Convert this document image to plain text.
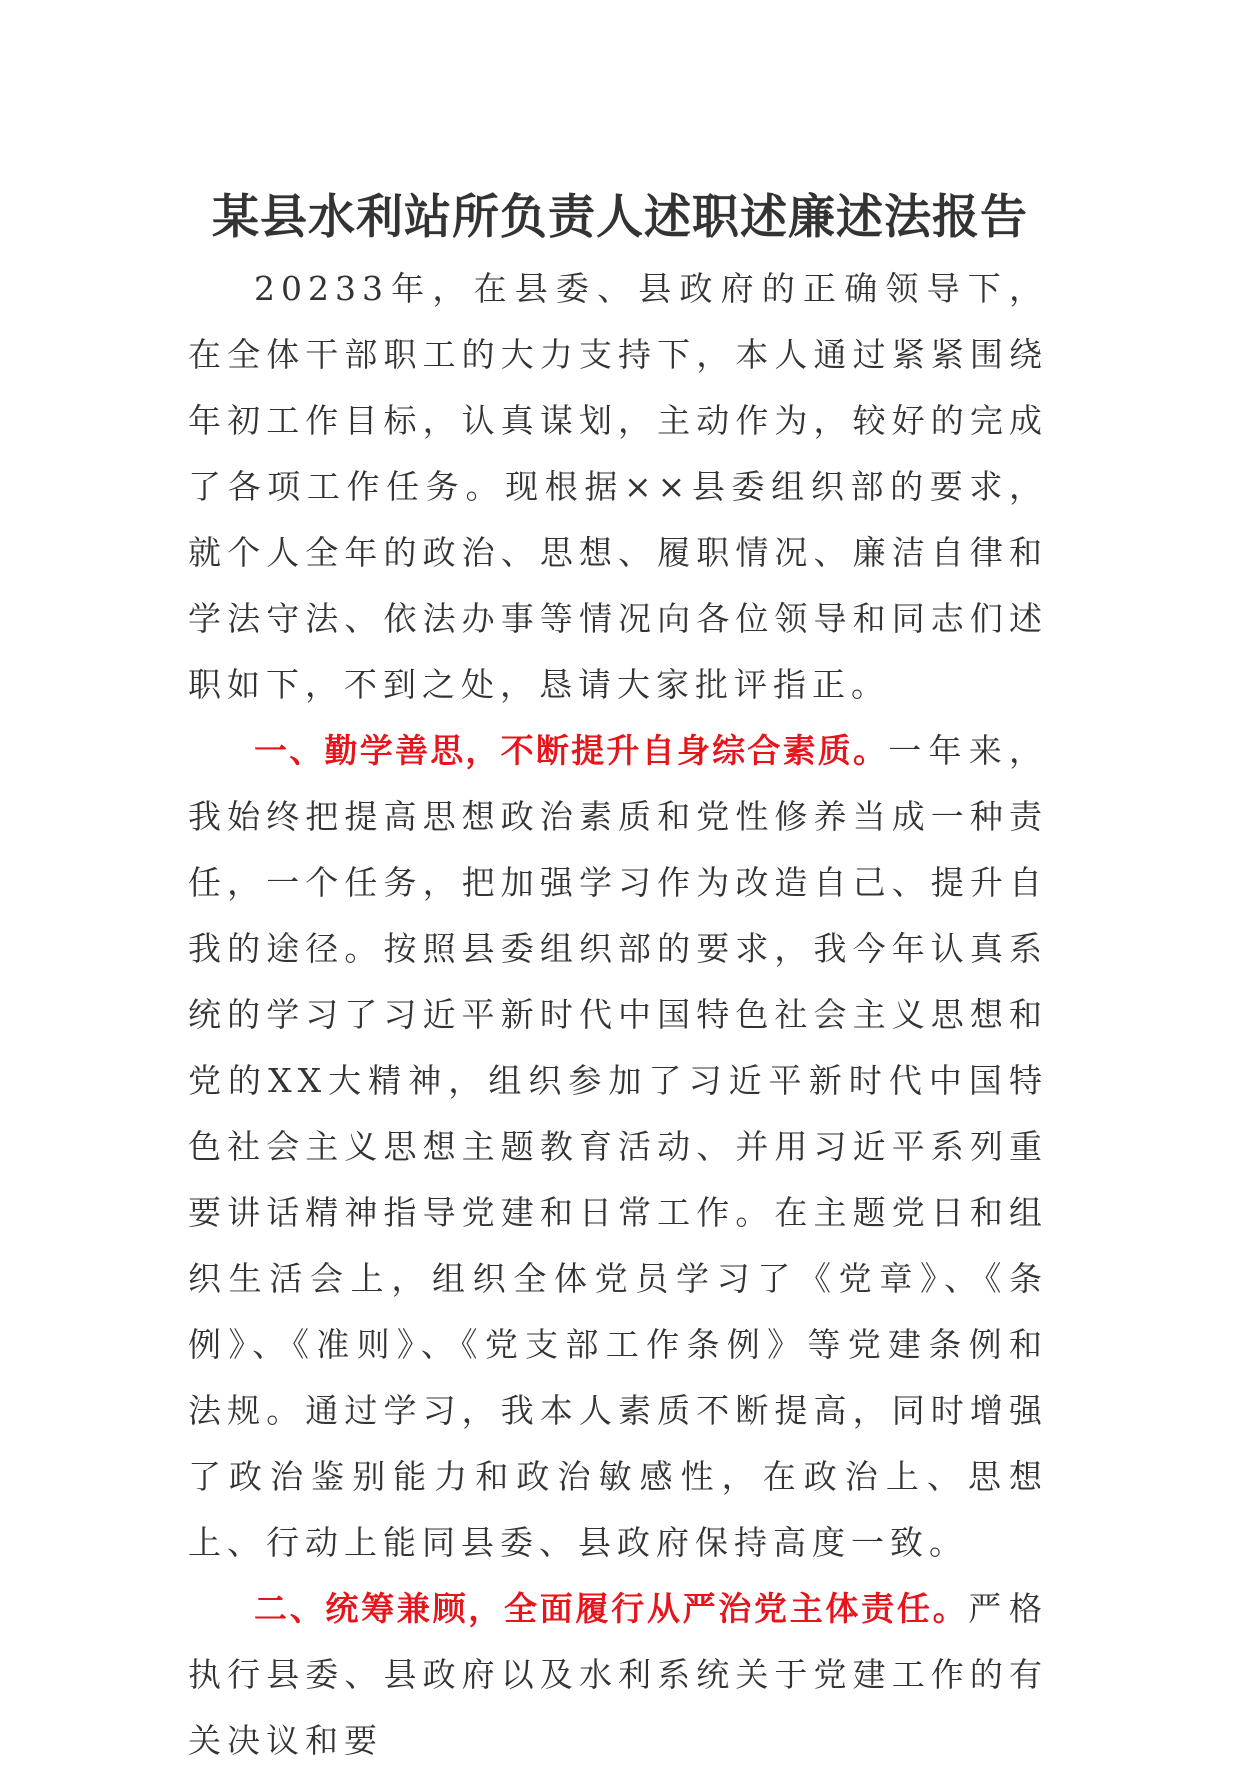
某县水利站所负责人述职述廉述法报告

20233年，在县委、县政府的正确领导下，在全体干部职工的大力支持下，本人通过紧紧围绕年初工作目标，认真谋划，主动作为，较好的完成了各项工作任务。现根据××县委组织部的要求，就个人全年的政治、思想、履职情况、廉洁自律和学法守法、依法办事等情况向各位领导和同志们述职如下，不到之处，恳请大家批评指正。

一、勤学善思，不断提升自身综合素质。一年来，我始终把提高思想政治素质和党性修养当成一种责任，一个任务，把加强学习作为改造自己、提升自我的途径。按照县委组织部的要求，我今年认真系统的学习了习近平新时代中国特色社会主义思想和党的XX大精神，组织参加了习近平新时代中国特色社会主义思想主题教育活动、并用习近平系列重要讲话精神指导党建和日常工作。在主题党日和组织生活会上，组织全体党员学习了《党章》、《条例》、《准则》、《党支部工作条例》等党建条例和法规。通过学习，我本人素质不断提高，同时增强了政治鉴别能力和政治敏感性，在政治上、思想上、行动上能同县委、县政府保持高度一致。

二、统筹兼顾，全面履行从严治党主体责任。严格执行县委、县政府以及水利系统关于党建工作的有关决议和要
